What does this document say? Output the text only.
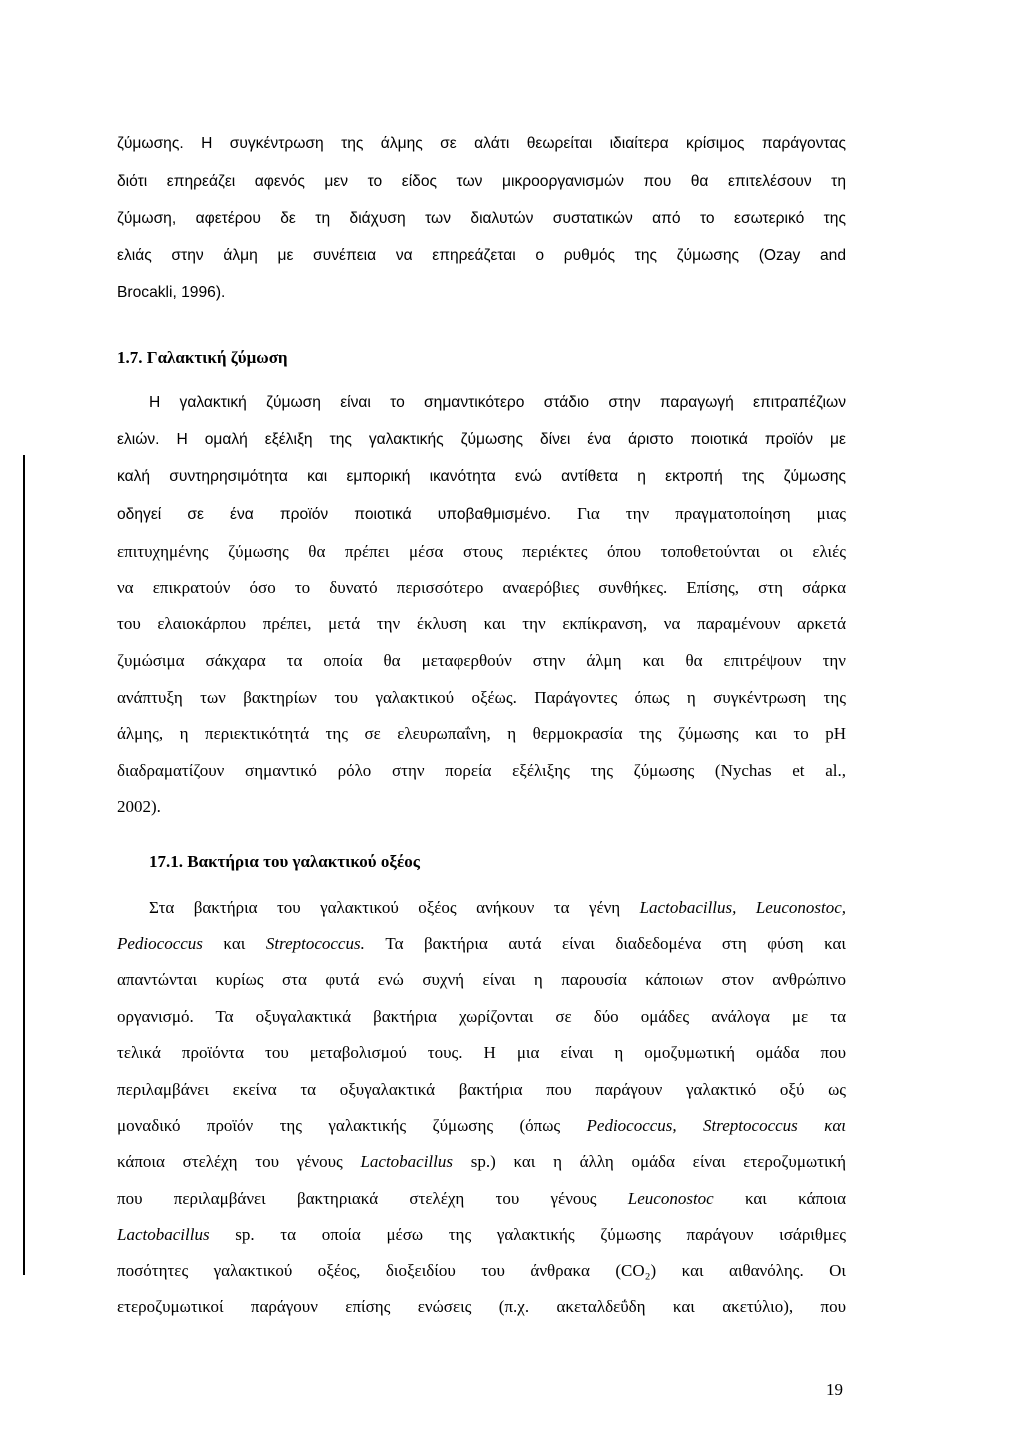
ζύμωσης. Η συγκέντρωση της άλμης σε αλάτι θεωρείται ιδιαίτερα κρίσιμος παράγοντας
διότι επηρεάζει αφενός μεν το είδος των μικροοργανισμών που θα επιτελέσουν τη
ζύμωση, αφετέρου δε τη διάχυση των διαλυτών συστατικών από το εσωτερικό της
ελιάς στην άλμη με συνέπεια να επηρεάζεται ο ρυθμός της ζύμωσης (Ozay and
Brocakli, 1996).
1.7. Γαλακτική ζύμωση
Η γαλακτική ζύμωση είναι το σημαντικότερο στάδιο στην παραγωγή επιτραπέζιων
ελιών. Η ομαλή εξέλιξη της γαλακτικής ζύμωσης δίνει ένα άριστο ποιοτικά προϊόν με
καλή συντηρησιμότητα και εμπορική ικανότητα ενώ αντίθετα η εκτροπή της ζύμωσης
οδηγεί σε ένα προϊόν ποιοτικά υποβαθμισμένο. Για την πραγματοποίηση μιας
επιτυχημένης ζύμωσης θα πρέπει μέσα στους περιέκτες όπου τοποθετούνται οι ελιές
να επικρατούν όσο το δυνατό περισσότερο αναερόβιες συνθήκες. Επίσης, στη σάρκα
του ελαιοκάρπου πρέπει, μετά την έκλυση και την εκπίκρανση, να παραμένουν αρκετά
ζυμώσιμα σάκχαρα τα οποία θα μεταφερθούν στην άλμη και θα επιτρέψουν την
ανάπτυξη των βακτηρίων του γαλακτικού οξέως. Παράγοντες όπως η συγκέντρωση της
άλμης, η περιεκτικότητά της σε ελευρωπαΐνη, η θερμοκρασία της ζύμωσης και το pH
διαδραματίζουν σημαντικό ρόλο στην πορεία εξέλιξης της ζύμωσης (Nychas et al.,
2002).
17.1. Βακτήρια του γαλακτικού οξέος
Στα βακτήρια του γαλακτικού οξέος ανήκουν τα γένη Lactobacillus, Leuconostoc,
Pediococcus και Streptococcus. Τα βακτήρια αυτά είναι διαδεδομένα στη φύση και
απαντώνται κυρίως στα φυτά ενώ συχνή είναι η παρουσία κάποιων στον ανθρώπινο
οργανισμό. Τα οξυγαλακτικά βακτήρια χωρίζονται σε δύο ομάδες ανάλογα με τα
τελικά προϊόντα του μεταβολισμού τους. Η μια είναι η ομοζυμωτική ομάδα που
περιλαμβάνει εκείνα τα οξυγαλακτικά βακτήρια που παράγουν γαλακτικό οξύ ως
μοναδικό προϊόν της γαλακτικής ζύμωσης (όπως Pediococcus, Streptococcus και
κάποια στελέχη του γένους Lactobacillus sp.) και η άλλη ομάδα είναι ετεροζυμωτική
που περιλαμβάνει βακτηριακά στελέχη του γένους Leuconostoc και κάποια
Lactobacillus sp. τα οποία μέσω της γαλακτικής ζύμωσης παράγουν ισάριθμες
ποσότητες γαλακτικού οξέος, διοξειδίου του άνθρακα (CO₂) και αιθανόλης. Οι
ετεροζυμωτικοί παράγουν επίσης ενώσεις (π.χ. ακεταλδεΰδη και ακετύλιο), που
19
